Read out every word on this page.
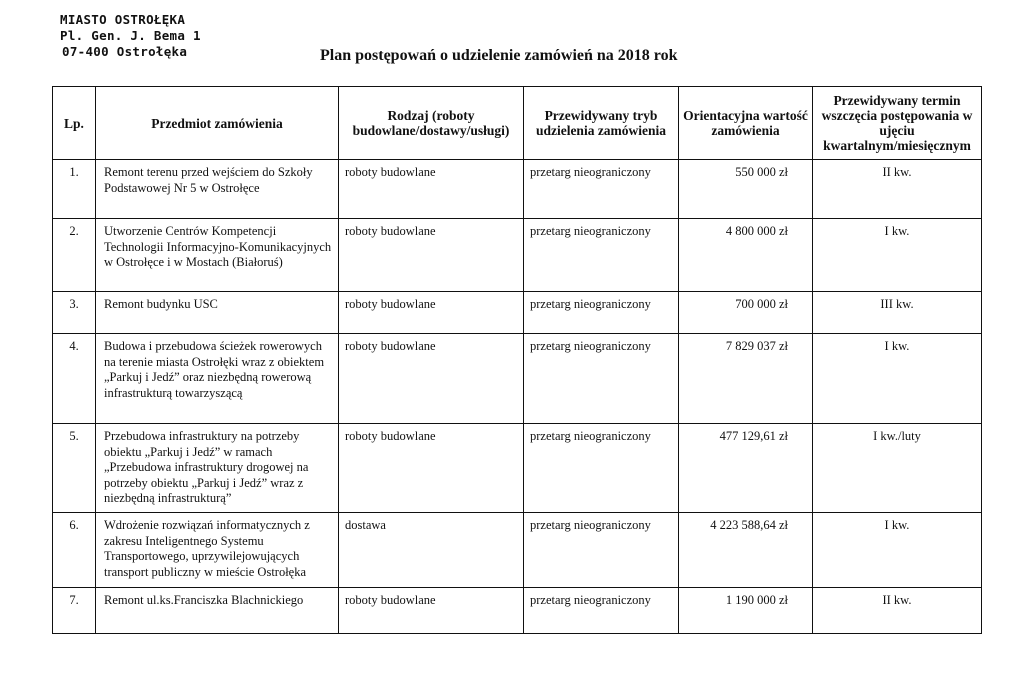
MIASTO OSTROŁĘKA
Pl. Gen. J. Bema 1
07-400 Ostrołęka	Plan postępowań o udzielenie zamówień na 2018 rok
Lp.	Przedmiot zamówienia	Rodzaj (roboty budowlane/dostawy/usługi)	Przewidywany tryb udzielenia zamówienia	Orientacyjna wartość zamówienia	Przewidywany termin wszczęcia postępowania w ujęciu kwartalnym/miesięcznym
1.	Remont terenu przed wejściem do Szkoły Podstawowej Nr 5 w Ostrołęce	roboty budowlane	przetarg nieograniczony	550 000 zł	II kw.
2.	Utworzenie Centrów Kompetencji Technologii Informacyjno-Komunikacyjnych w Ostrołęce i w Mostach (Białoruś)	roboty budowlane	przetarg nieograniczony	4 800 000 zł	I kw.
3.	Remont budynku USC	roboty budowlane	przetarg nieograniczony	700 000 zł	III kw.
4.	Budowa i przebudowa ścieżek rowerowych na terenie miasta Ostrołęki wraz z obiektem „Parkuj i Jedź” oraz niezbędną rowerową infrastrukturą towarzyszącą	roboty budowlane	przetarg nieograniczony	7 829 037 zł	I kw.
5.	Przebudowa infrastruktury na potrzeby obiektu „Parkuj i Jedź” w ramach „Przebudowa infrastruktury drogowej na potrzeby obiektu „Parkuj i Jedź” wraz z niezbędną infrastrukturą”	roboty budowlane	przetarg nieograniczony	477 129,61 zł	I kw./luty
6.	Wdrożenie rozwiązań informatycznych z zakresu Inteligentnego Systemu Transportowego, uprzywilejowujących transport publiczny w mieście Ostrołęka	dostawa	przetarg nieograniczony	4 223 588,64 zł	I kw.
7.	Remont ul.ks.Franciszka Blachnickiego	roboty budowlane	przetarg nieograniczony	1 190 000 zł	II kw.
